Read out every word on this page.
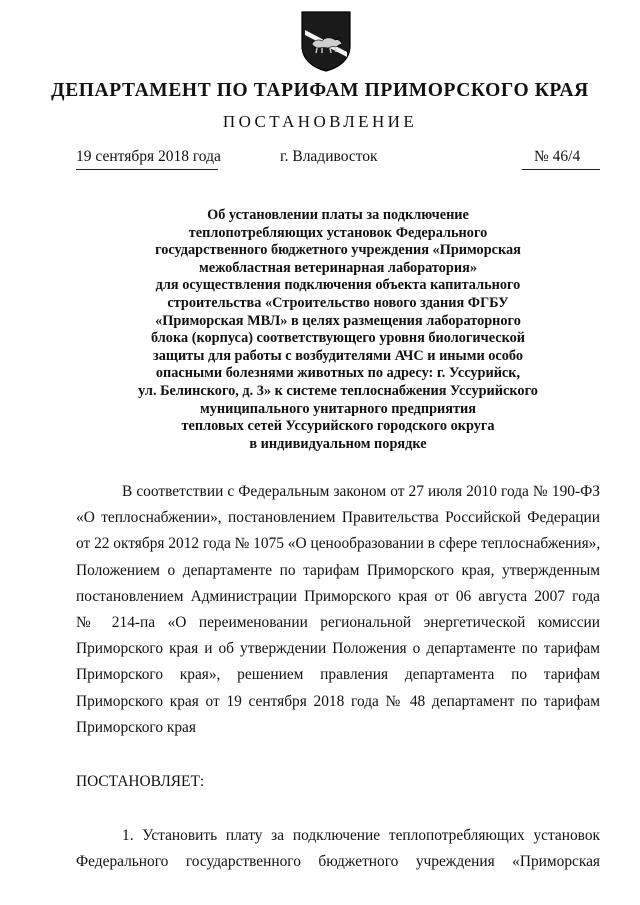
ДЕПАРТАМЕНТ ПО ТАРИФАМ ПРИМОРСКОГО КРАЯ
ПОСТАНОВЛЕНИЕ
19 сентября 2018 года	г. Владивосток	№ 46/4
Об установлении платы за подключение
теплопотребляющих установок Федерального
государственного бюджетного учреждения «Приморская
межобластная ветеринарная лаборатория»
для осуществления подключения объекта капитального
строительства «Строительство нового здания ФГБУ
«Приморская МВЛ» в целях размещения лабораторного
блока (корпуса) соответствующего уровня биологической
защиты для работы с возбудителями АЧС и иными особо
опасными болезнями животных по адресу: г. Уссурийск,
ул. Белинского, д. 3» к системе теплоснабжения Уссурийского
муниципального унитарного предприятия
тепловых сетей Уссурийского городского округа
в индивидуальном порядке
В соответствии с Федеральным законом от 27 июля 2010 года № 190-ФЗ
«О теплоснабжении», постановлением Правительства Российской Федерации
от 22 октября 2012 года № 1075 «О ценообразовании в сфере теплоснабжения»,
Положением о департаменте по тарифам Приморского края, утвержденным
постановлением Администрации Приморского края от 06 августа 2007 года
№ 214-па «О переименовании региональной энергетической комиссии
Приморского края и об утверждении Положения о департаменте по тарифам
Приморского края», решением правления департамента по тарифам
Приморского края от 19 сентября 2018 года № 48 департамент по тарифам
Приморского края
ПОСТАНОВЛЯЕТ:
1. Установить плату за подключение теплопотребляющих установок
Федерального государственного бюджетного учреждения «Приморская
